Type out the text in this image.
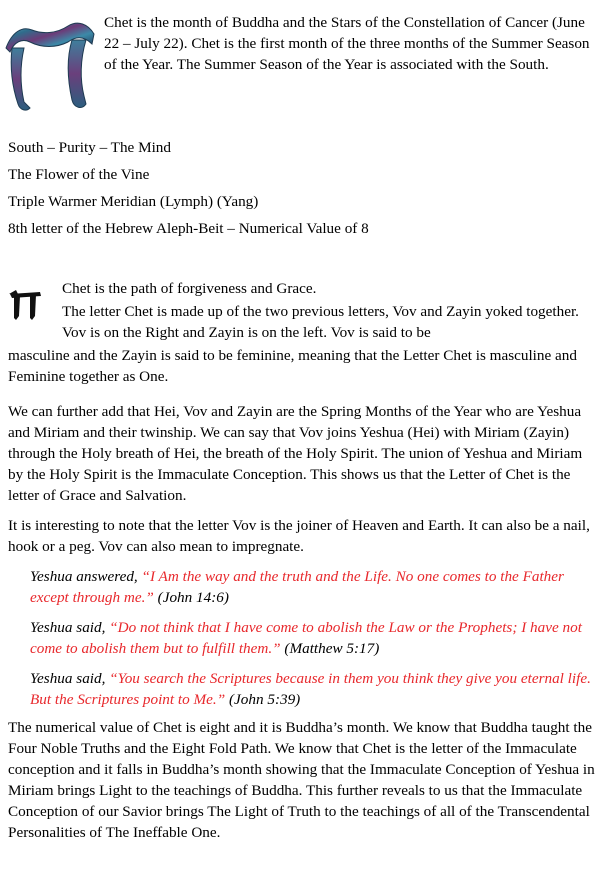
Chet is the month of Buddha and the Stars of the Constellation of Cancer (June 22 – July 22). Chet is the first month of the three months of the Summer Season of the Year. The Summer Season of the Year is associated with the South.

South – Purity – The Mind

The Flower of the Vine

Triple Warmer Meridian (Lymph) (Yang)

8th letter of the Hebrew Aleph-Beit – Numerical Value of 8

Chet is the path of forgiveness and Grace.

The letter Chet is made up of the two previous letters, Vov and Zayin yoked together. Vov is on the Right and Zayin is on the left. Vov is said to be

masculine and the Zayin is said to be feminine, meaning that the Letter Chet is masculine and Feminine together as One.

We can further add that Hei, Vov and Zayin are the Spring Months of the Year who are Yeshua and Miriam and their twinship. We can say that Vov joins Yeshua (Hei) with Miriam (Zayin) through the Holy breath of Hei, the breath of the Holy Spirit. The union of Yeshua and Miriam by the Holy Spirit is the Immaculate Conception. This shows us that the Letter of Chet is the letter of Grace and Salvation.

It is interesting to note that the letter Vov is the joiner of Heaven and Earth. It can also be a nail, hook or a peg. Vov can also mean to impregnate.

Yeshua answered, “I Am the way and the truth and the Life. No one comes to the Father except through me.” (John 14:6)

Yeshua said, “Do not think that I have come to abolish the Law or the Prophets; I have not come to abolish them but to fulfill them.” (Matthew 5:17)

Yeshua said, “You search the Scriptures because in them you think they give you eternal life. But the Scriptures point to Me.” (John 5:39)

The numerical value of Chet is eight and it is Buddha’s month. We know that Buddha taught the Four Noble Truths and the Eight Fold Path. We know that Chet is the letter of the Immaculate conception and it falls in Buddha’s month showing that the Immaculate Conception of Yeshua in Miriam brings Light to the teachings of Buddha. This further reveals to us that the Immaculate Conception of our Savior brings The Light of Truth to the teachings of all of the Transcendental Personalities of The Ineffable One.
